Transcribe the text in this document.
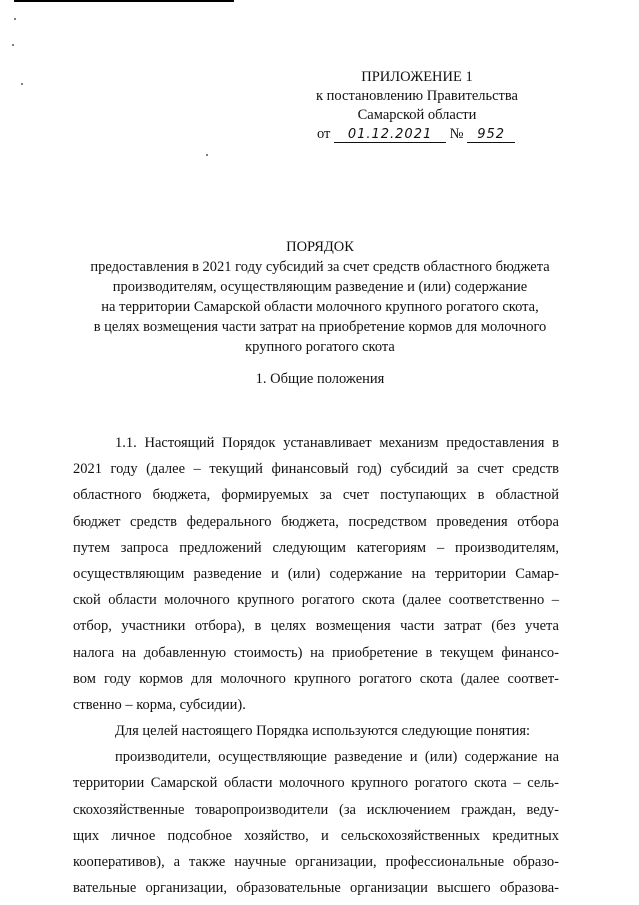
ПРИЛОЖЕНИЕ 1
к постановлению Правительства
Самарской области
от 01.12.2021 № 952
ПОРЯДОК
предоставления в 2021 году субсидий за счет средств областного бюджета
производителям, осуществляющим разведение и (или) содержание
на территории Самарской области молочного крупного рогатого скота,
в целях возмещения части затрат на приобретение кормов для молочного
крупного рогатого скота
1. Общие положения
1.1. Настоящий Порядок устанавливает механизм предоставления в
2021 году (далее – текущий финансовый год) субсидий за счет средств
областного бюджета, формируемых за счет поступающих в областной
бюджет средств федерального бюджета, посредством проведения отбора
путем запроса предложений следующим категориям – производителям,
осуществляющим разведение и (или) содержание на территории Самар-
ской области молочного крупного рогатого скота (далее соответственно –
отбор, участники отбора), в целях возмещения части затрат (без учета
налога на добавленную стоимость) на приобретение в текущем финансо-
вом году кормов для молочного крупного рогатого скота (далее соответ-
ственно – корма, субсидии).
Для целей настоящего Порядка используются следующие понятия:
производители, осуществляющие разведение и (или) содержание на
территории Самарской области молочного крупного рогатого скота – сель-
скохозяйственные товаропроизводители (за исключением граждан, веду-
щих личное подсобное хозяйство, и сельскохозяйственных кредитных
кооперативов), а также научные организации, профессиональные образо-
вательные организации, образовательные организации высшего образова-
